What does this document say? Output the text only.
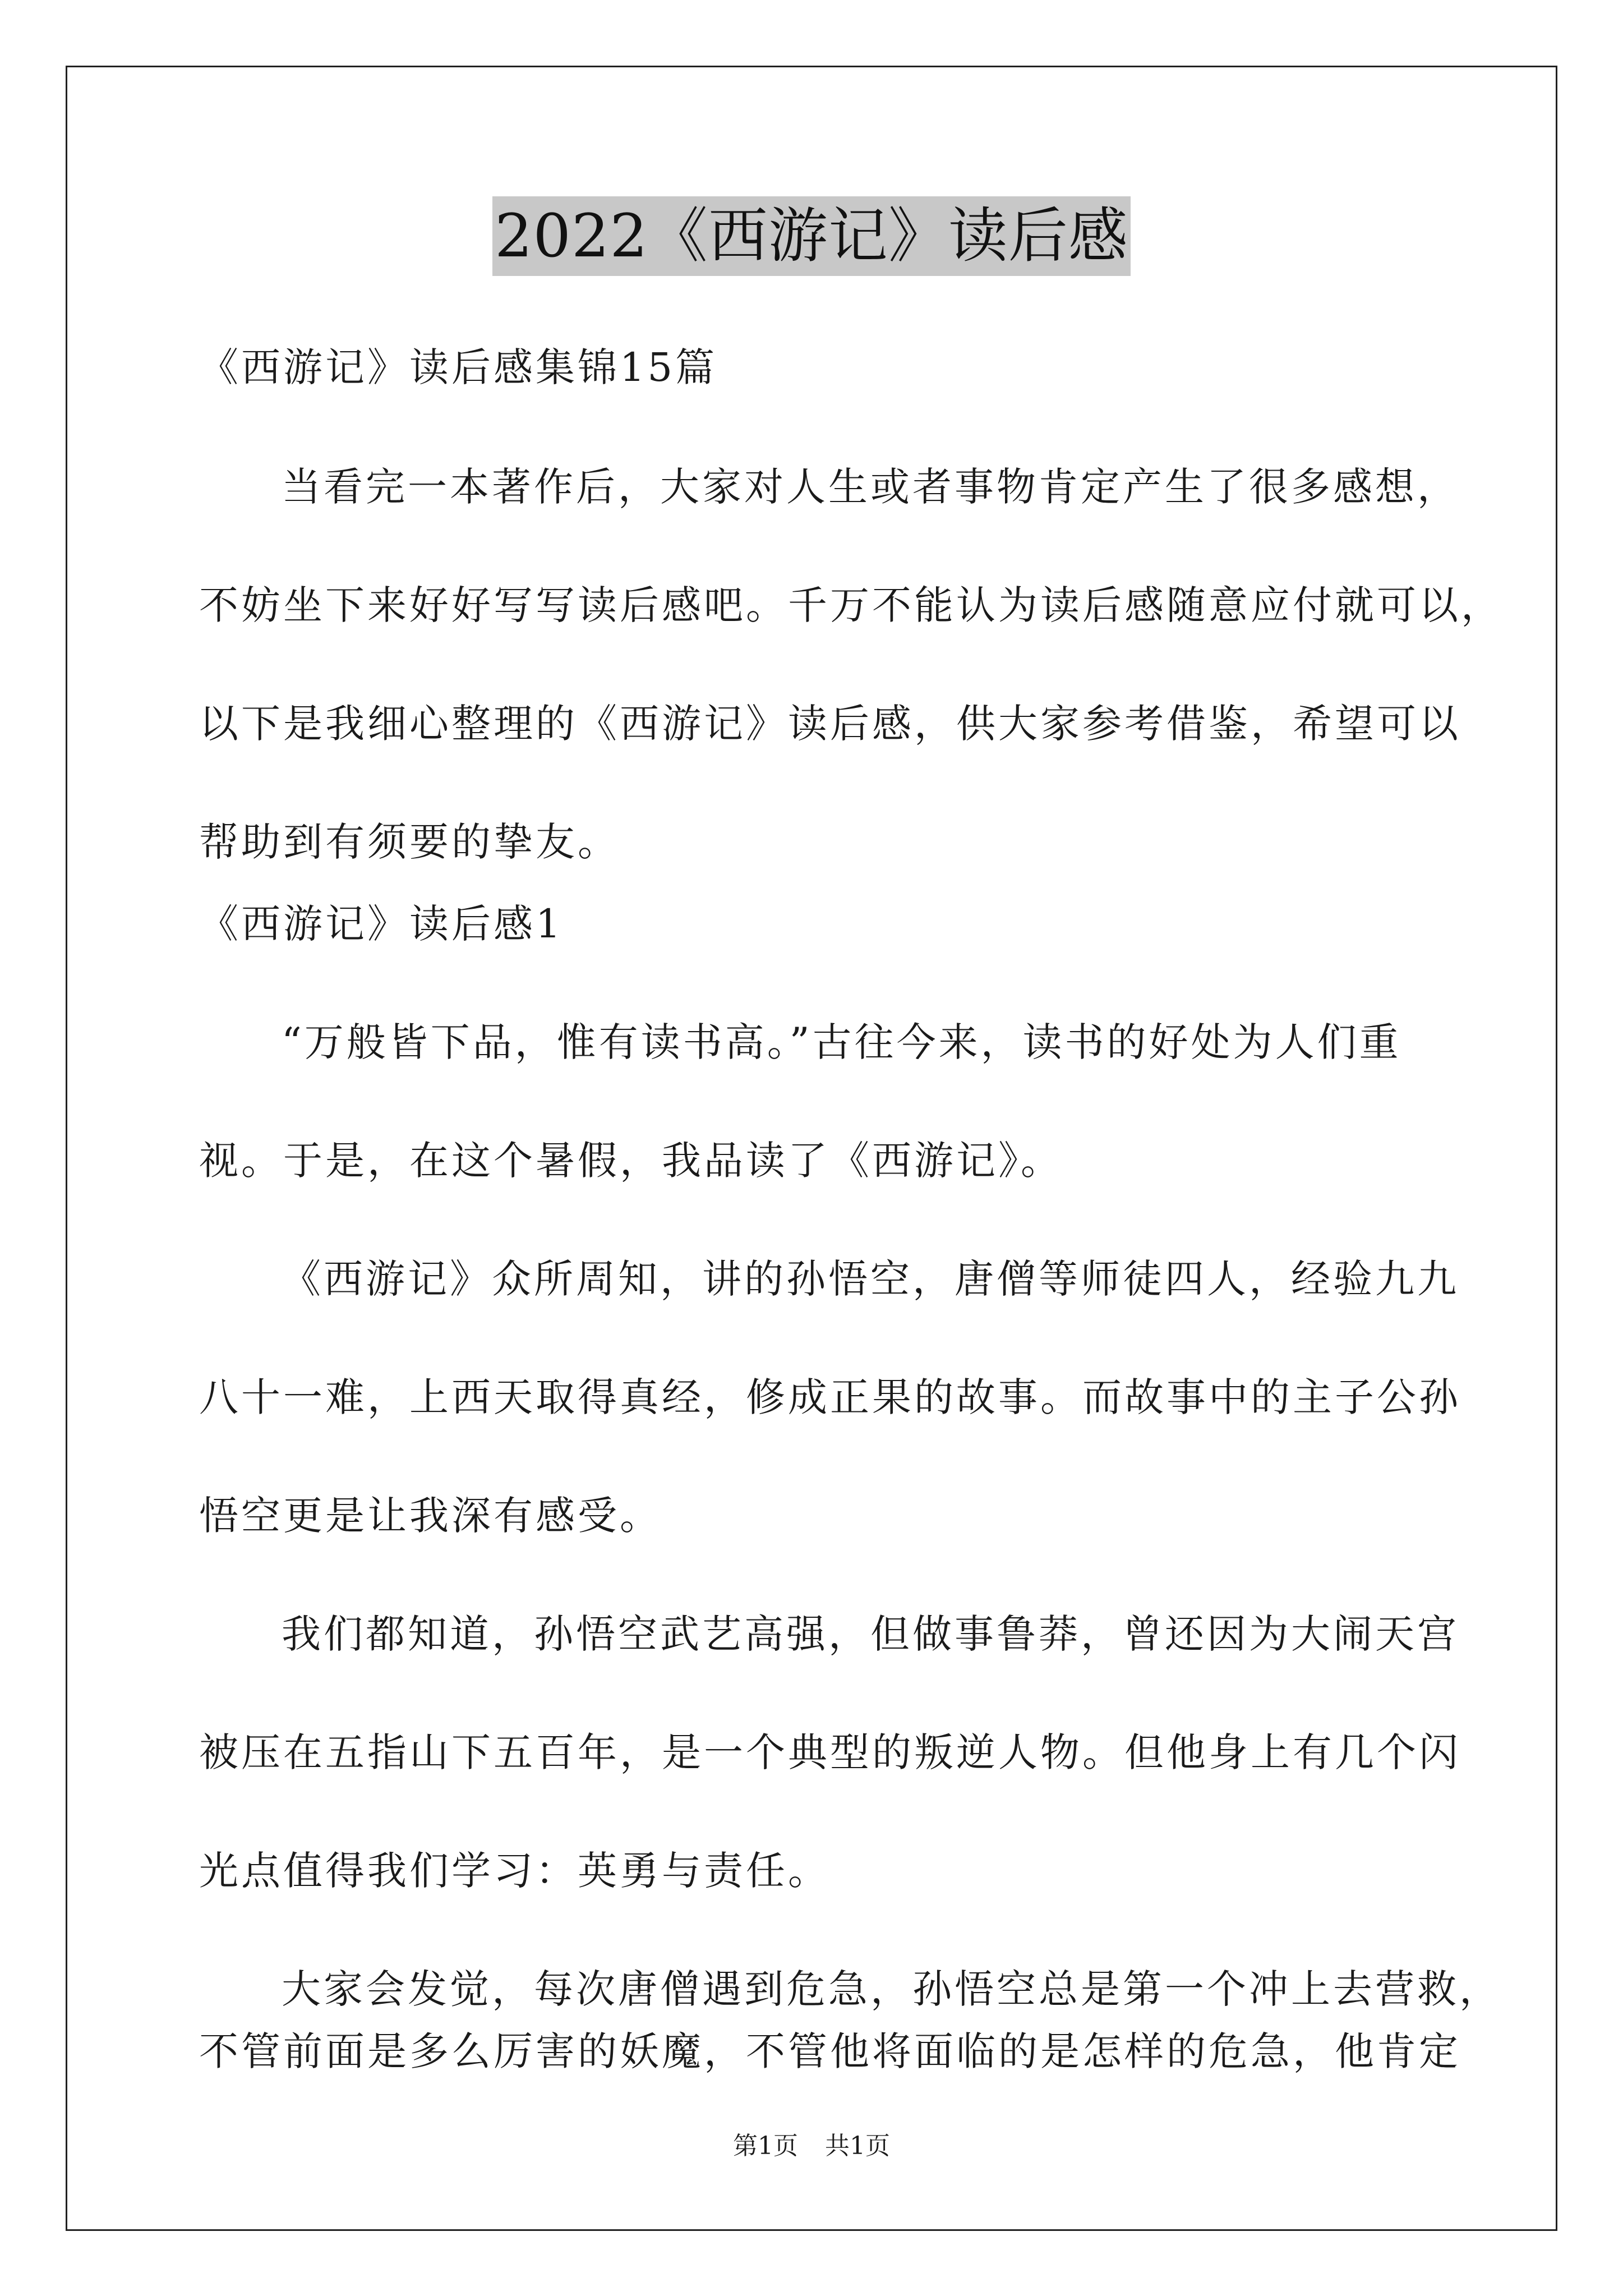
2022《西游记》读后感
《西游记》读后感集锦15篇
当看完一本著作后，大家对人生或者事物肯定产生了很多感想，
不妨坐下来好好写写读后感吧。千万不能认为读后感随意应付就可以，
以下是我细心整理的《西游记》读后感，供大家参考借鉴，希望可以
帮助到有须要的挚友。
《西游记》读后感1
“万般皆下品，惟有读书高。”古往今来，读书的好处为人们重
视。于是，在这个暑假，我品读了《西游记》。
《西游记》众所周知，讲的孙悟空，唐僧等师徒四人，经验九九
八十一难，上西天取得真经，修成正果的故事。而故事中的主子公孙
悟空更是让我深有感受。
我们都知道，孙悟空武艺高强，但做事鲁莽，曾还因为大闹天宫
被压在五指山下五百年，是一个典型的叛逆人物。但他身上有几个闪
光点值得我们学习：英勇与责任。
大家会发觉，每次唐僧遇到危急，孙悟空总是第一个冲上去营救，
不管前面是多么厉害的妖魔，不管他将面临的是怎样的危急，他肯定
第1页 共1页
